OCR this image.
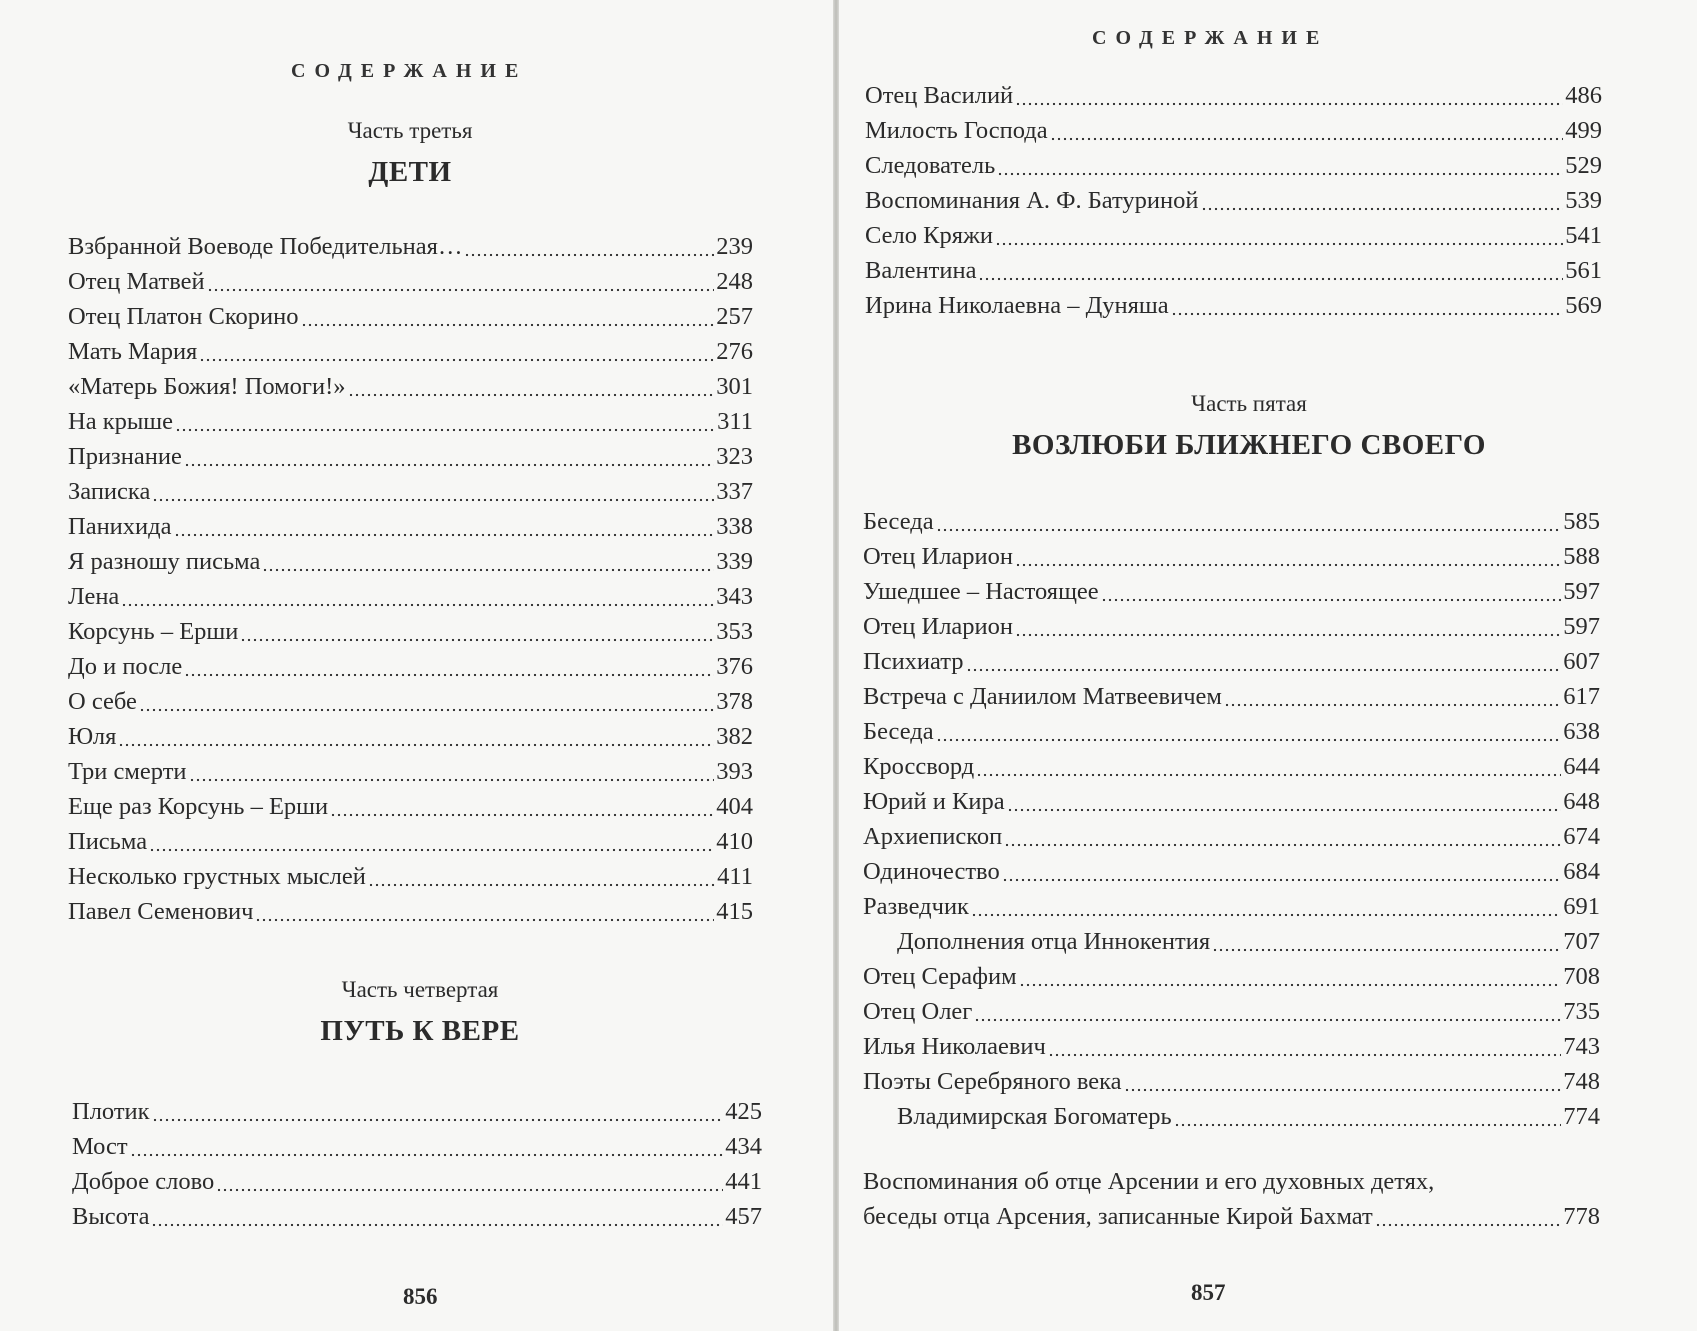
СОДЕРЖАНИЕ
Часть третья
ДЕТИ
Взбранной Воеводе Победительная…	239
Отец Матвей	248
Отец Платон Скорино	257
Мать Мария	276
«Матерь Божия! Помоги!»	301
На крыше	311
Признание	323
Записка	337
Панихида	338
Я разношу письма	339
Лена	343
Корсунь – Ерши	353
До и после	376
О себе	378
Юля	382
Три смерти	393
Еще раз Корсунь – Ерши	404
Письма	410
Несколько грустных мыслей	411
Павел Семенович	415
Часть четвертая
ПУТЬ К ВЕРЕ
Плотик	425
Мост	434
Доброе слово	441
Высота	457
856
СОДЕРЖАНИЕ
Отец Василий	486
Милость Господа	499
Следователь	529
Воспоминания А. Ф. Батуриной	539
Село Кряжи	541
Валентина	561
Ирина Николаевна – Дуняша	569
Часть пятая
ВОЗЛЮБИ БЛИЖНЕГО СВОЕГО
Беседа	585
Отец Иларион	588
Ушедшее – Настоящее	597
Отец Иларион	597
Психиатр	607
Встреча с Даниилом Матвеевичем	617
Беседа	638
Кроссворд	644
Юрий и Кира	648
Архиепископ	674
Одиночество	684
Разведчик	691
Дополнения отца Иннокентия	707
Отец Серафим	708
Отец Олег	735
Илья Николаевич	743
Поэты Серебряного века	748
Владимирская Богоматерь	774
Воспоминания об отце Арсении и его духовных детях,
беседы отца Арсения, записанные Кирой Бахмат	778
857
